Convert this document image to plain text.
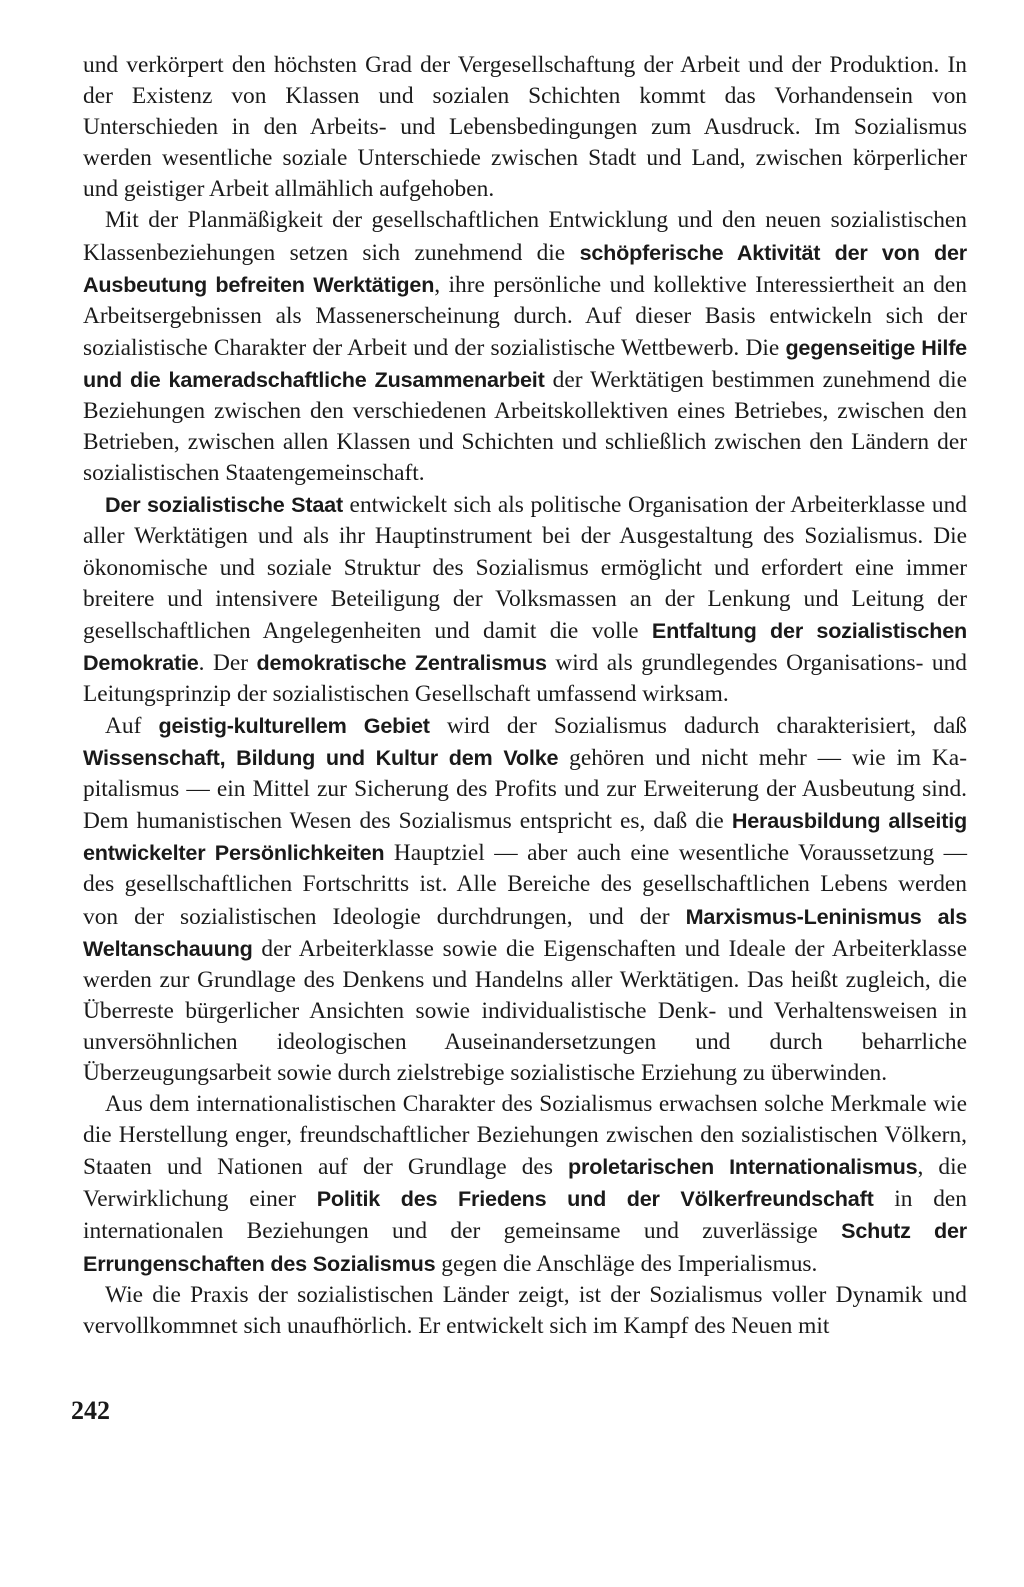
und verkörpert den höchsten Grad der Vergesellschaftung der Arbeit und der Produktion. In der Existenz von Klassen und sozialen Schichten kommt das Vorhandensein von Unterschieden in den Arbeits- und Lebensbedingungen zum Ausdruck. Im Sozialismus werden wesentliche soziale Unterschiede zwischen Stadt und Land, zwischen körperlicher und geistiger Arbeit allmählich aufgehoben.

Mit der Planmäßigkeit der gesellschaftlichen Entwicklung und den neuen sozialistischen Klassenbeziehungen setzen sich zunehmend die schöpferische Aktivität der von der Ausbeutung befreiten Werktätigen, ihre persönliche und kollektive Interessiertheit an den Arbeitsergebnissen als Massenerscheinung durch. Auf dieser Basis entwickeln sich der sozialistische Charakter der Arbeit und der sozialistische Wettbewerb. Die gegenseitige Hilfe und die kameradschaftliche Zusammenarbeit der Werktätigen bestimmen zunehmend die Beziehungen zwischen den verschiedenen Arbeitskollektiven eines Betriebes, zwischen den Betrieben, zwischen allen Klassen und Schichten und schließlich zwischen den Ländern der sozialistischen Staatengemeinschaft.

Der sozialistische Staat entwickelt sich als politische Organisation der Arbeiterklasse und aller Werktätigen und als ihr Hauptinstrument bei der Ausgestaltung des Sozialismus. Die ökonomische und soziale Struktur des Sozialismus ermöglicht und erfordert eine immer breitere und intensivere Beteiligung der Volksmassen an der Lenkung und Leitung der gesellschaftlichen Angelegenheiten und damit die volle Entfaltung der sozialistischen Demokratie. Der demokratische Zentralismus wird als grundlegendes Organisations- und Leitungsprinzip der sozialistischen Gesellschaft umfassend wirksam.

Auf geistig-kulturellem Gebiet wird der Sozialismus dadurch charakterisiert, daß Wissenschaft, Bildung und Kultur dem Volke gehören und nicht mehr — wie im Kapitalismus — ein Mittel zur Sicherung des Profits und zur Erweiterung der Ausbeutung sind. Dem humanistischen Wesen des Sozialismus entspricht es, daß die Herausbildung allseitig entwickelter Persönlichkeiten Hauptziel — aber auch eine wesentliche Voraussetzung — des gesellschaftlichen Fortschritts ist. Alle Bereiche des gesellschaftlichen Lebens werden von der sozialistischen Ideologie durchdrungen, und der Marxismus-Leninismus als Weltanschauung der Arbeiterklasse sowie die Eigenschaften und Ideale der Arbeiterklasse werden zur Grundlage des Denkens und Handelns aller Werktätigen. Das heißt zugleich, die Überreste bürgerlicher Ansichten sowie individualistische Denk- und Verhaltensweisen in unversöhnlichen ideologischen Auseinandersetzungen und durch beharrliche Überzeugungsarbeit sowie durch zielstrebige sozialistische Erziehung zu überwinden.

Aus dem internationalistischen Charakter des Sozialismus erwachsen solche Merkmale wie die Herstellung enger, freundschaftlicher Beziehungen zwischen den sozialistischen Völkern, Staaten und Nationen auf der Grundlage des proletarischen Internationalismus, die Verwirklichung einer Politik des Friedens und der Völkerfreundschaft in den internationalen Beziehungen und der gemeinsame und zuverlässige Schutz der Errungenschaften des Sozialismus gegen die Anschläge des Imperialismus.

Wie die Praxis der sozialistischen Länder zeigt, ist der Sozialismus voller Dynamik und vervollkommnet sich unaufhörlich. Er entwickelt sich im Kampf des Neuen mit

242
